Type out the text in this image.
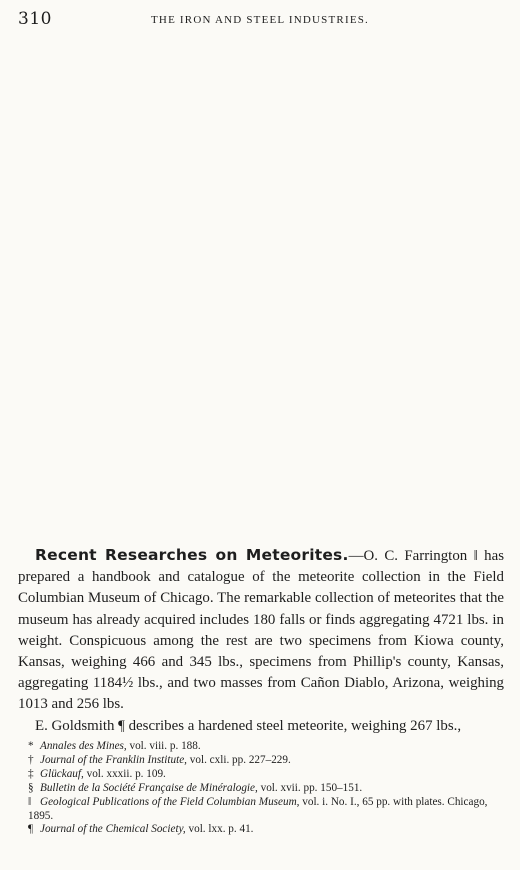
310	THE IRON AND STEEL INDUSTRIES.

Recent Researches on Meteorites.—O. C. Farrington ‖ has prepared a handbook and catalogue of the meteorite collection in the Field Columbian Museum of Chicago. The remarkable collection of meteorites that the museum has already acquired includes 180 falls or finds aggregating 4721 lbs. in weight. Conspicuous among the rest are two specimens from Kiowa county, Kansas, weighing 466 and 345 lbs., specimens from Phillip's county, Kansas, aggregating 1184½ lbs., and two masses from Cañon Diablo, Arizona, weighing 1013 and 256 lbs.

E. Goldsmith ¶ describes a hardened steel meteorite, weighing 267 lbs.,

* Annales des Mines, vol. viii. p. 188.
† Journal of the Franklin Institute, vol. cxli. pp. 227–229.
‡ Glückauf, vol. xxxii. p. 109.
§ Bulletin de la Société Française de Minéralogie, vol. xvii. pp. 150–151.
‖ Geological Publications of the Field Columbian Museum, vol. i. No. I., 65 pp. with plates. Chicago, 1895.
¶ Journal of the Chemical Society, vol. lxx. p. 41.
